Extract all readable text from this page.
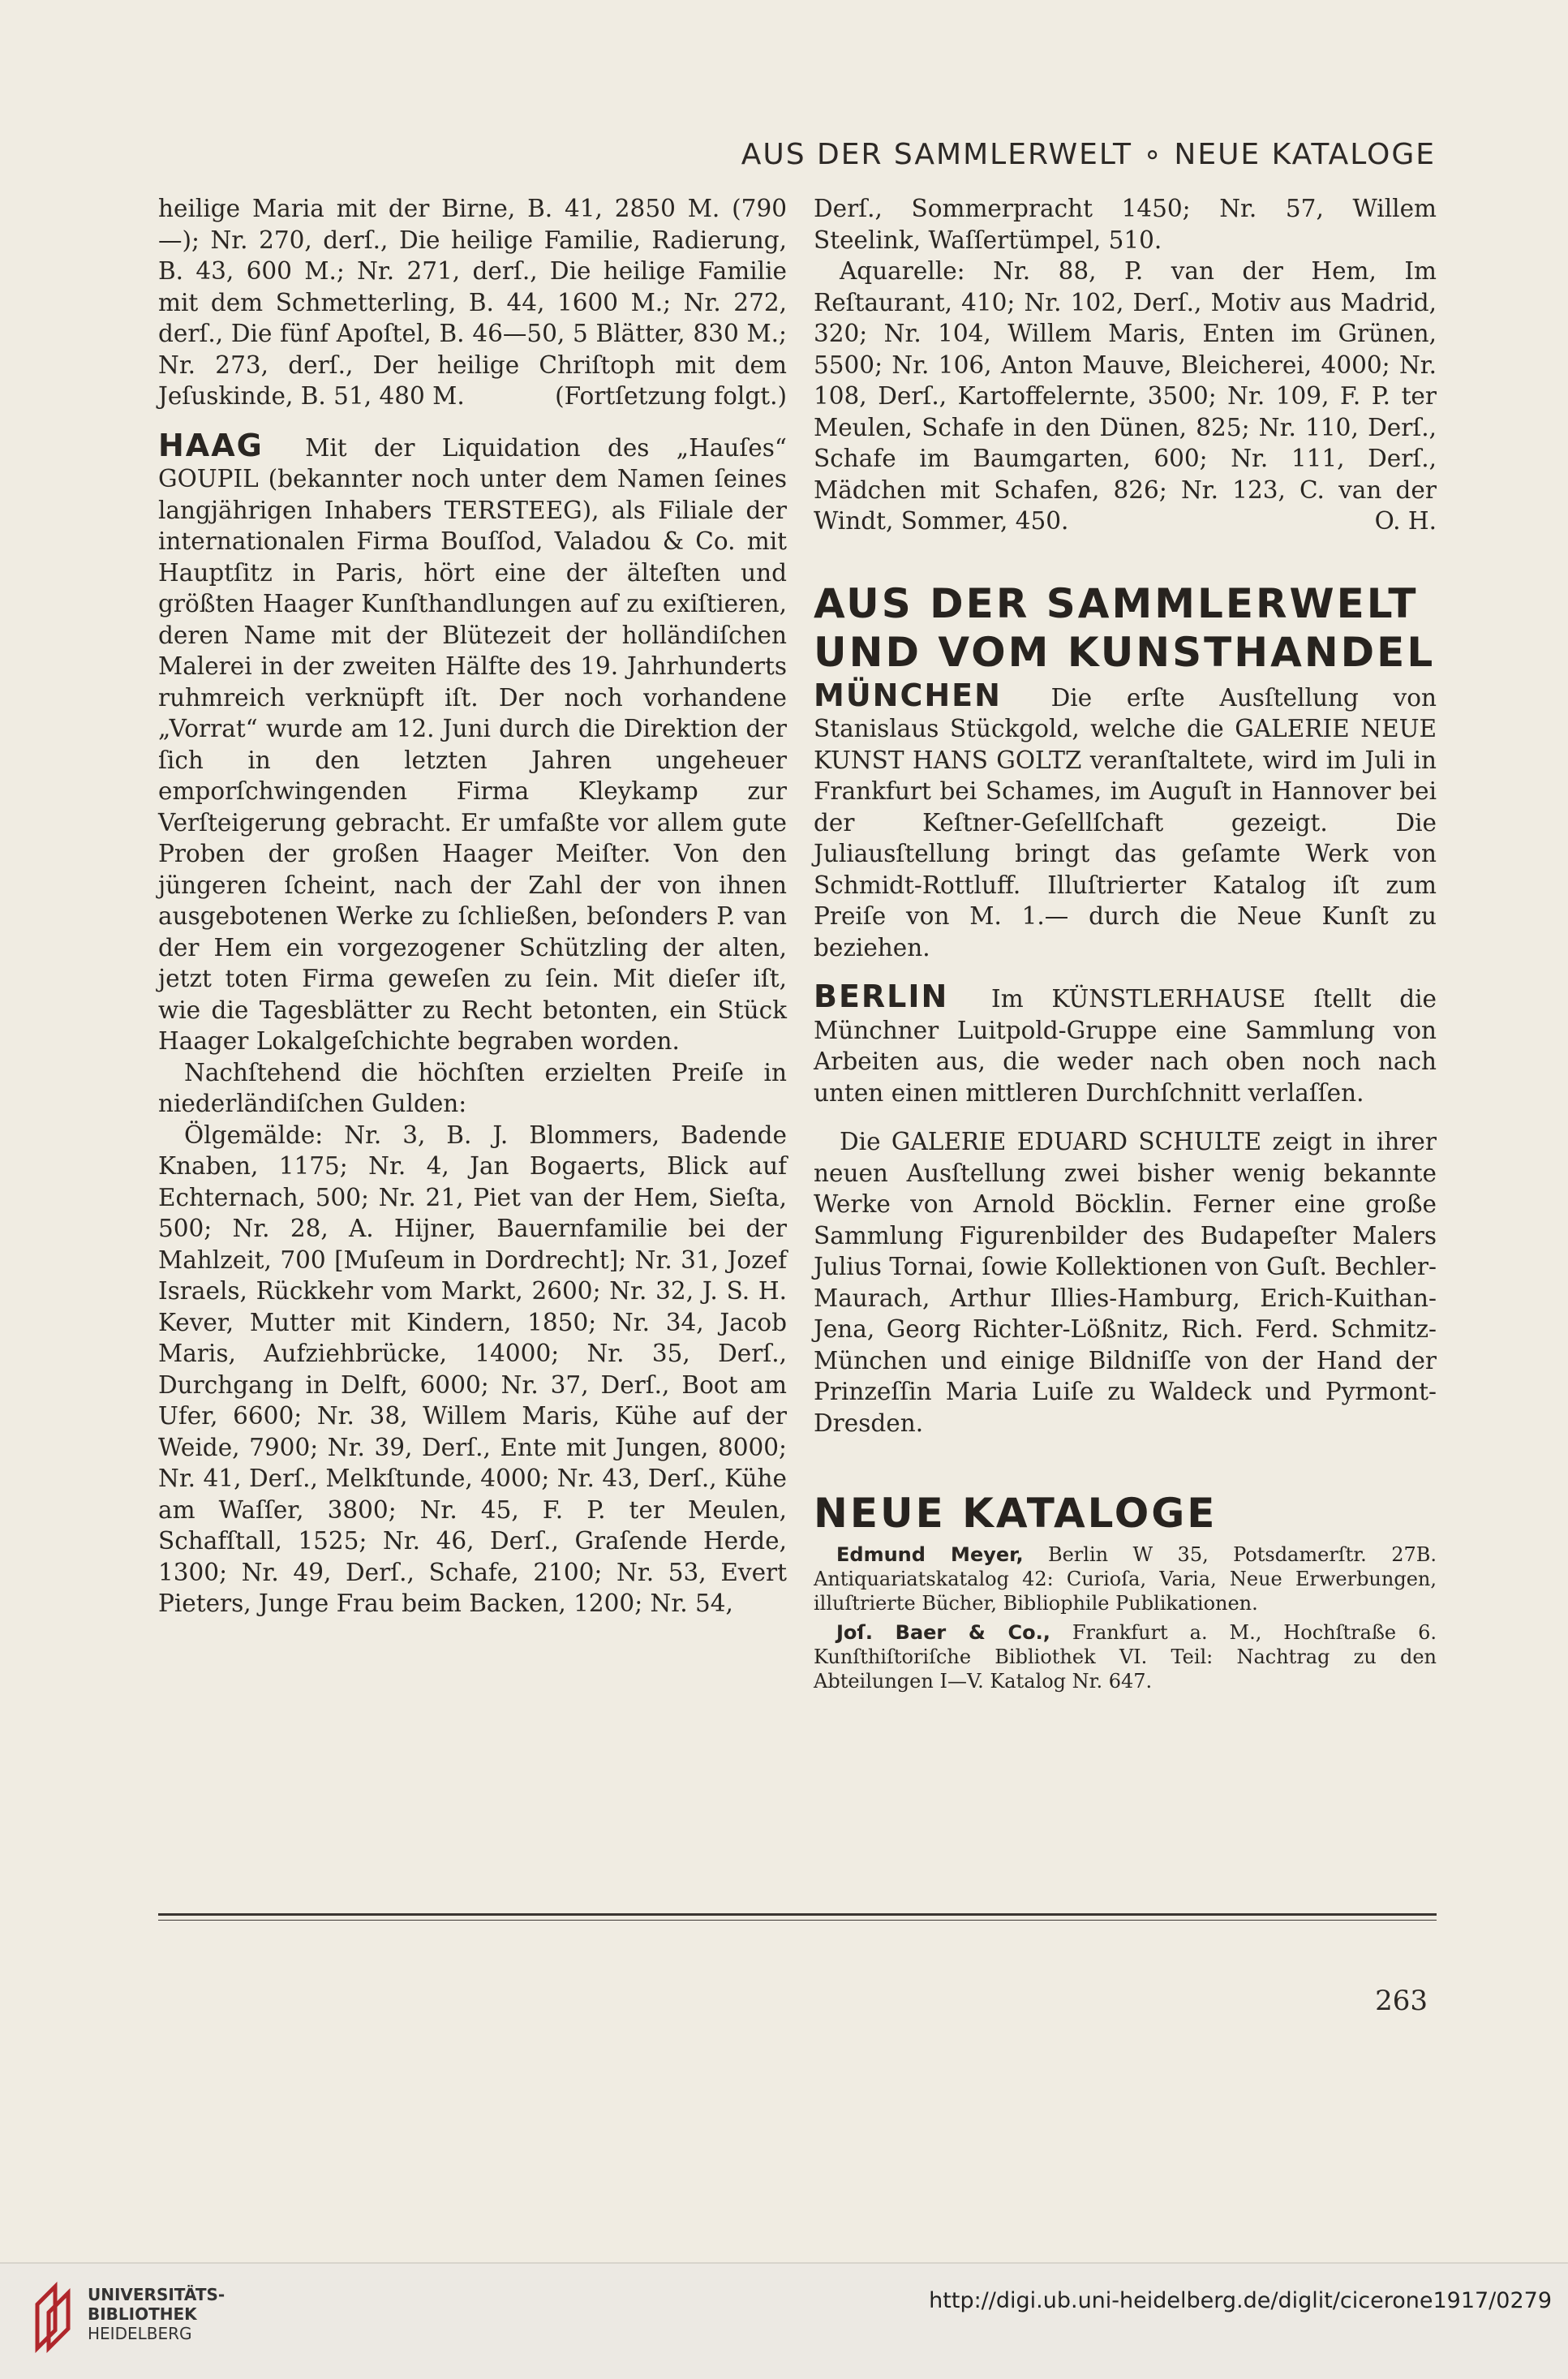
AUS DER SAMMLERWELT ∘ NEUE KATALOGE

heilige Maria mit der Birne, B. 41, 2850 M. (790—); Nr. 270, derſ., Die heilige Familie, Radierung, B. 43, 600 M.; Nr. 271, derſ., Die heilige Familie mit dem Schmetterling, B. 44, 1600 M.; Nr. 272, derſ., Die fünf Apoſtel, B. 46—50, 5 Blätter, 830 M.; Nr. 273, derſ., Der heilige Chriſtoph mit dem Jeſuskinde, B. 51, 480 M.	(Fortſetzung folgt.)

HAAG Mit der Liquidation des „Hauſes“ GOUPIL (bekannter noch unter dem Namen ſeines langjährigen Inhabers TERSTEEG), als Filiale der internationalen Firma Bouſſod, Valadou & Co. mit Hauptſitz in Paris, hört eine der älteſten und größten Haager Kunſthandlungen auf zu exiſtieren, deren Name mit der Blütezeit der holländiſchen Malerei in der zweiten Hälfte des 19. Jahrhunderts ruhmreich verknüpft iſt. Der noch vorhandene „Vorrat“ wurde am 12. Juni durch die Direktion der ſich in den letzten Jahren ungeheuer emporſchwingenden Firma Kleykamp zur Verſteigerung gebracht. Er umfaßte vor allem gute Proben der großen Haager Meiſter. Von den jüngeren ſcheint, nach der Zahl der von ihnen ausgebotenen Werke zu ſchließen, beſonders P. van der Hem ein vorgezogener Schützling der alten, jetzt toten Firma geweſen zu ſein. Mit dieſer iſt, wie die Tagesblätter zu Recht betonten, ein Stück Haager Lokalgeſchichte begraben worden.

Nachſtehend die höchſten erzielten Preiſe in niederländiſchen Gulden:

Ölgemälde: Nr. 3, B. J. Blommers, Badende Knaben, 1175; Nr. 4, Jan Bogaerts, Blick auf Echternach, 500; Nr. 21, Piet van der Hem, Sieſta, 500; Nr. 28, A. Hijner, Bauernfamilie bei der Mahlzeit, 700 [Muſeum in Dordrecht]; Nr. 31, Jozef Israels, Rückkehr vom Markt, 2600; Nr. 32, J. S. H. Kever, Mutter mit Kindern, 1850; Nr. 34, Jacob Maris, Aufziehbrücke, 14000; Nr. 35, Derſ., Durchgang in Delft, 6000; Nr. 37, Derſ., Boot am Ufer, 6600; Nr. 38, Willem Maris, Kühe auf der Weide, 7900; Nr. 39, Derſ., Ente mit Jungen, 8000; Nr. 41, Derſ., Melkſtunde, 4000; Nr. 43, Derſ., Kühe am Waſſer, 3800; Nr. 45, F. P. ter Meulen, Schafſtall, 1525; Nr. 46, Derſ., Graſende Herde, 1300; Nr. 49, Derſ., Schafe, 2100; Nr. 53, Evert Pieters, Junge Frau beim Backen, 1200; Nr. 54,

Derſ., Sommerpracht 1450; Nr. 57, Willem Steelink, Waſſertümpel, 510.

Aquarelle: Nr. 88, P. van der Hem, Im Reſtaurant, 410; Nr. 102, Derſ., Motiv aus Madrid, 320; Nr. 104, Willem Maris, Enten im Grünen, 5500; Nr. 106, Anton Mauve, Bleicherei, 4000; Nr. 108, Derſ., Kartoffelernte, 3500; Nr. 109, F. P. ter Meulen, Schafe in den Dünen, 825; Nr. 110, Derſ., Schafe im Baumgarten, 600; Nr. 111, Derſ., Mädchen mit Schafen, 826; Nr. 123, C. van der Windt, Sommer, 450.	O. H.

AUS DER SAMMLERWELT
UND VOM KUNSTHANDEL

MÜNCHEN Die erſte Ausſtellung von Stanislaus Stückgold, welche die GALERIE NEUE KUNST HANS GOLTZ veranſtaltete, wird im Juli in Frankfurt bei Schames, im Auguſt in Hannover bei der Keſtner-Geſellſchaft gezeigt. Die Juliausſtellung bringt das geſamte Werk von Schmidt-Rottluff. Illuſtrierter Katalog iſt zum Preiſe von M. 1.— durch die Neue Kunſt zu beziehen.

BERLIN Im KÜNSTLERHAUSE ſtellt die Münchner Luitpold-Gruppe eine Sammlung von Arbeiten aus, die weder nach oben noch nach unten einen mittleren Durchſchnitt verlaſſen.

Die GALERIE EDUARD SCHULTE zeigt in ihrer neuen Ausſtellung zwei bisher wenig bekannte Werke von Arnold Böcklin. Ferner eine große Sammlung Figurenbilder des Budapeſter Malers Julius Tornai, ſowie Kollektionen von Guſt. Bechler-Maurach, Arthur Illies-Hamburg, Erich-Kuithan-Jena, Georg Richter-Lößnitz, Rich. Ferd. Schmitz-München und einige Bildniſſe von der Hand der Prinzeſſin Maria Luiſe zu Waldeck und Pyrmont-Dresden.

NEUE KATALOGE

Edmund Meyer, Berlin W 35, Potsdamerſtr. 27B. Antiquariatskatalog 42: Curioſa, Varia, Neue Erwerbungen, illuſtrierte Bücher, Bibliophile Publikationen.

Joſ. Baer & Co., Frankfurt a. M., Hochſtraße 6. Kunſthiſtoriſche Bibliothek VI. Teil: Nachtrag zu den Abteilungen I—V. Katalog Nr. 647.

263
UNIVERSITÄTS-
BIBLIOTHEK
HEIDELBERG
http://digi.ub.uni-heidelberg.de/diglit/cicerone1917/0279
